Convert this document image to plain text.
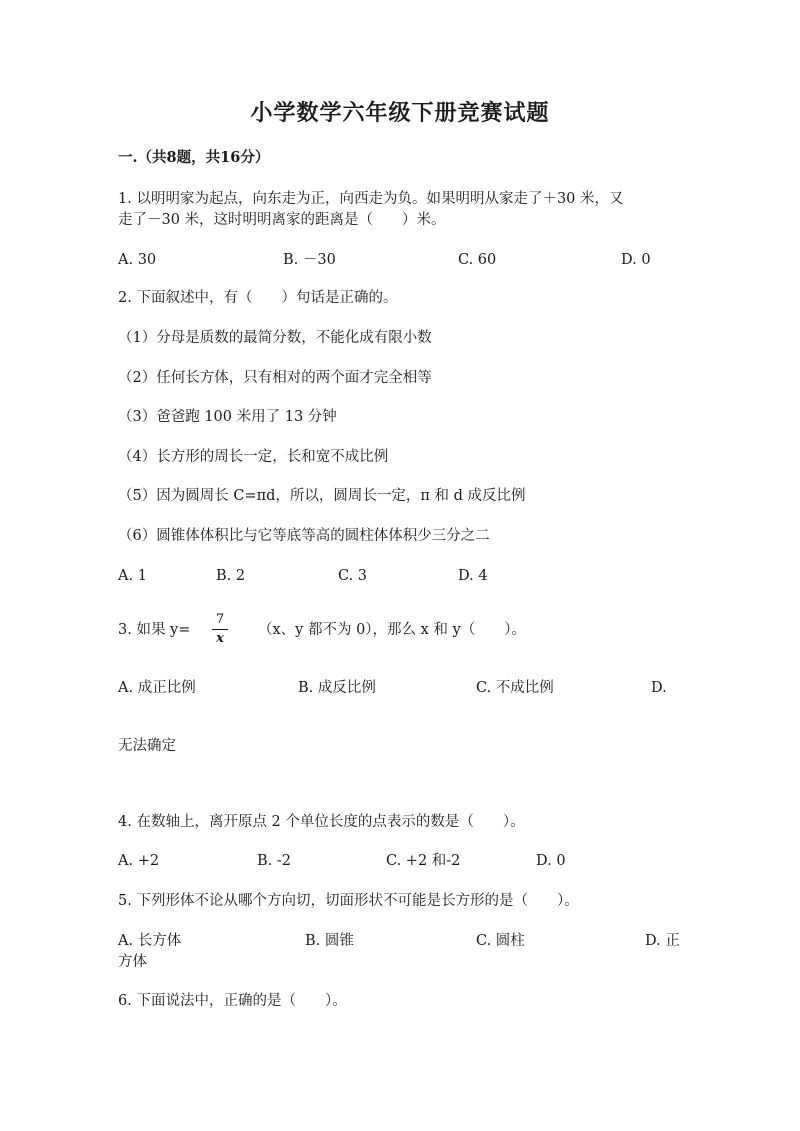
小学数学六年级下册竞赛试题
一.（共8题，共16分）
1. 以明明家为起点，向东走为正，向西走为负。如果明明从家走了＋30 米，又
走了－30 米，这时明明离家的距离是（　　）米。
A. 30	B. －30	C. 60	D. 0
2. 下面叙述中，有（　　）句话是正确的。
（1）分母是质数的最简分数，不能化成有限小数
（2）任何长方体，只有相对的两个面才完全相等
（3）爸爸跑 100 米用了 13 分钟
（4）长方形的周长一定，长和宽不成比例
（5）因为圆周长 C=πd，所以，圆周长一定，π 和 d 成反比例
（6）圆锥体体积比与它等底等高的圆柱体体积少三分之二
A. 1	B. 2	C. 3	D. 4
3. 如果 y=
7
x
（x、y 都不为 0），那么 x 和 y（　　）。
A. 成正比例	B. 成反比例	C. 不成比例	D.
无法确定
4. 在数轴上，离开原点 2 个单位长度的点表示的数是（　　）。
A. +2	B. -2	C. +2 和-2	D. 0
5. 下列形体不论从哪个方向切，切面形状不可能是长方形的是（　　）。
A. 长方体	B. 圆锥	C. 圆柱	D. 正
方体
6. 下面说法中，正确的是（　　）。
